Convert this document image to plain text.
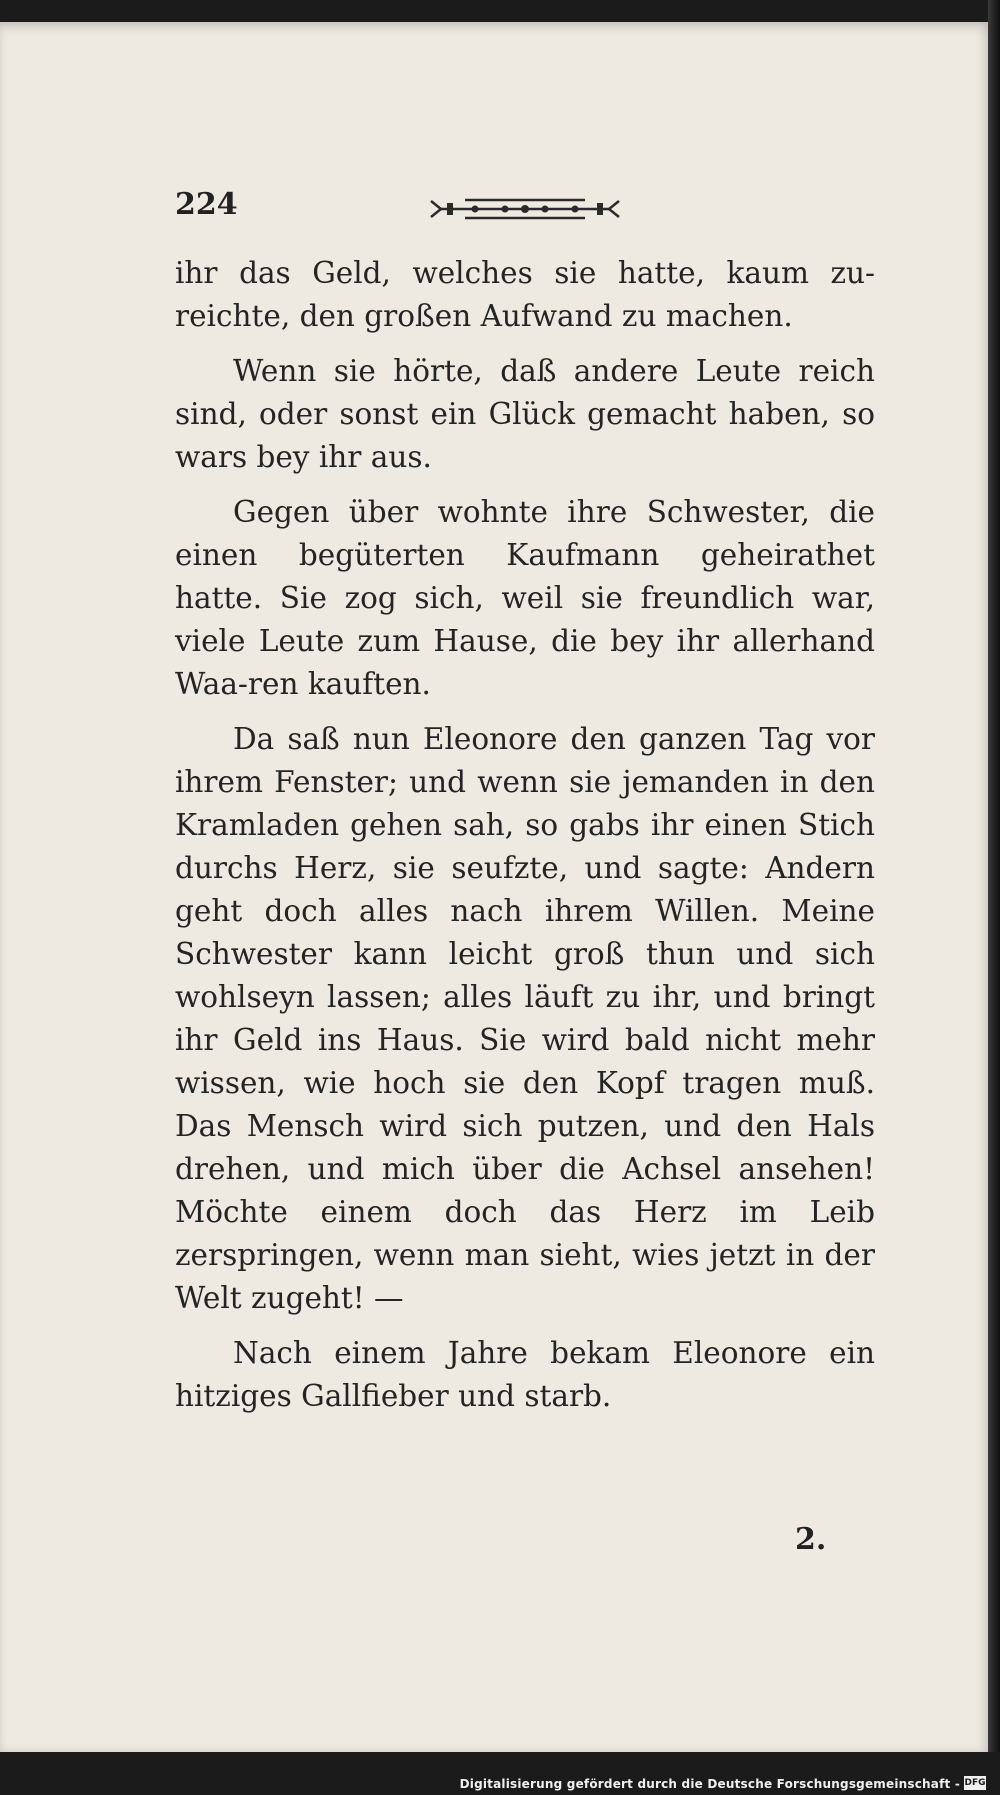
224

ihr das Geld, welches sie hatte, kaum zu-reichte, den großen Aufwand zu machen.

Wenn sie hörte, daß andere Leute reich sind, oder sonst ein Glück gemacht haben, so wars bey ihr aus.

Gegen über wohnte ihre Schwester, die einen begüterten Kaufmann geheirathet hatte. Sie zog sich, weil sie freundlich war, viele Leute zum Hause, die bey ihr allerhand Waa-ren kauften.

Da saß nun Eleonore den ganzen Tag vor ihrem Fenster; und wenn sie jemanden in den Kramladen gehen sah, so gabs ihr einen Stich durchs Herz, sie seufzte, und sagte: Andern geht doch alles nach ihrem Willen. Meine Schwester kann leicht groß thun und sich wohlseyn lassen; alles läuft zu ihr, und bringt ihr Geld ins Haus. Sie wird bald nicht mehr wissen, wie hoch sie den Kopf tragen muß. Das Mensch wird sich putzen, und den Hals drehen, und mich über die Achsel ansehen! Möchte einem doch das Herz im Leib zerspringen, wenn man sieht, wies jetzt in der Welt zugeht! —

Nach einem Jahre bekam Eleonore ein hitziges Gallfieber und starb.

2.
Digitalisierung gefördert durch die Deutsche Forschungsgemeinschaft - DFG
